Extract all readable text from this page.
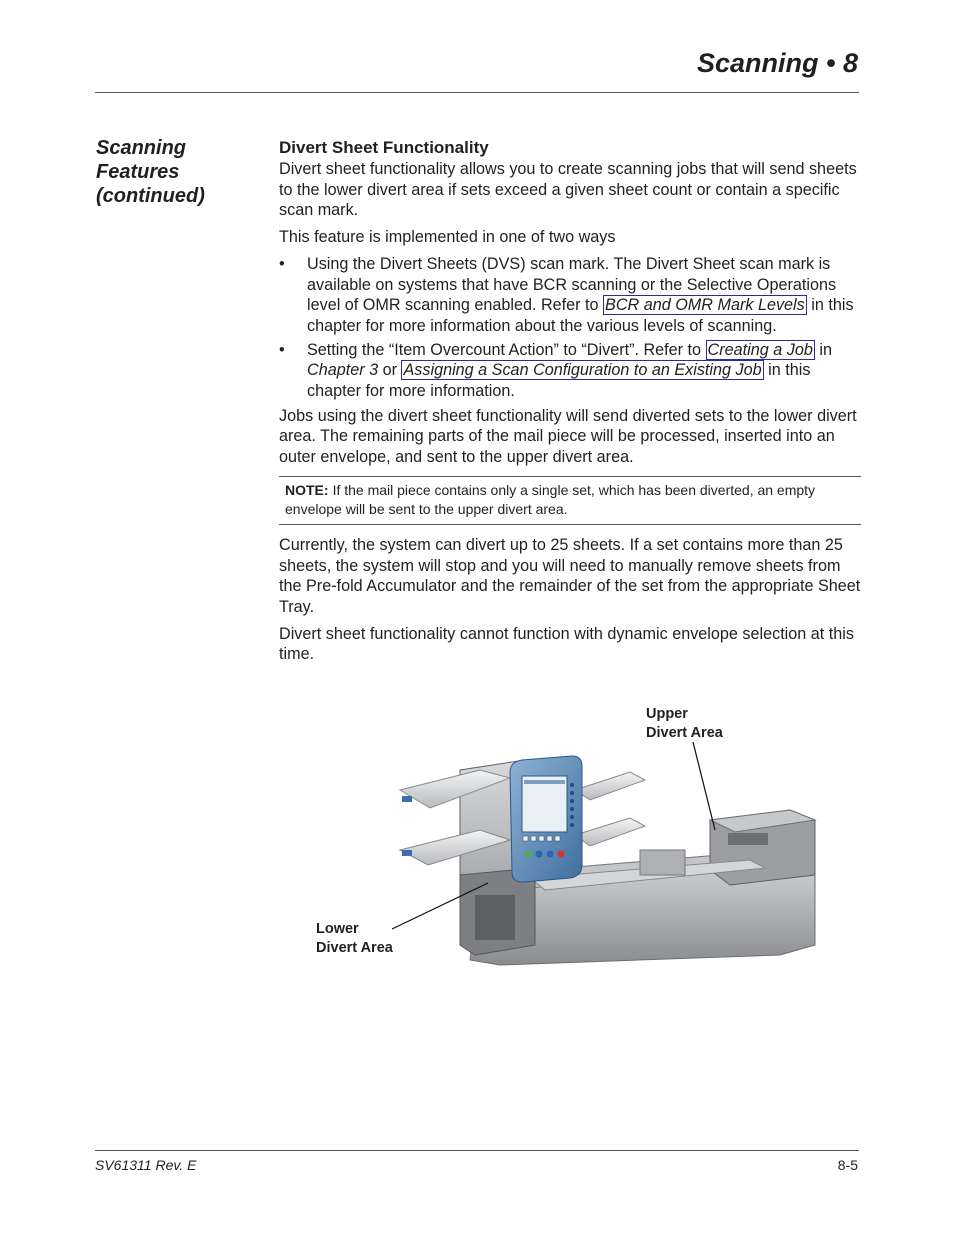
Scanning • 8
Scanning
Features
(continued)
Divert Sheet Functionality

Divert sheet functionality allows you to create scanning jobs that will send sheets to the lower divert area if sets exceed a given sheet count or contain a specific scan mark.

This feature is implemented in one of two ways

• Using the Divert Sheets (DVS) scan mark. The Divert Sheet scan mark is available on systems that have BCR scanning or the Selective Operations level of OMR scanning enabled. Refer to BCR and OMR Mark Levels in this chapter for more information about the various levels of scanning.
• Setting the “Item Overcount Action” to “Divert”. Refer to Creating a Job in Chapter 3 or Assigning a Scan Configuration to an Existing Job in this chapter for more information.

Jobs using the divert sheet functionality will send diverted sets to the lower divert area. The remaining parts of the mail piece will be processed, inserted into an outer envelope, and sent to the upper divert area.

NOTE: If the mail piece contains only a single set, which has been diverted, an empty envelope will be sent to the upper divert area.

Currently, the system can divert up to 25 sheets. If a set contains more than 25 sheets, the system will stop and you will need to manually remove sheets from the Pre-fold Accumulator and the remainder of the set from the appropriate Sheet Tray.

Divert sheet functionality cannot function with dynamic envelope selection at this time.

Upper
Divert Area
Lower
Divert Area
SV61311 Rev. E	8-5
